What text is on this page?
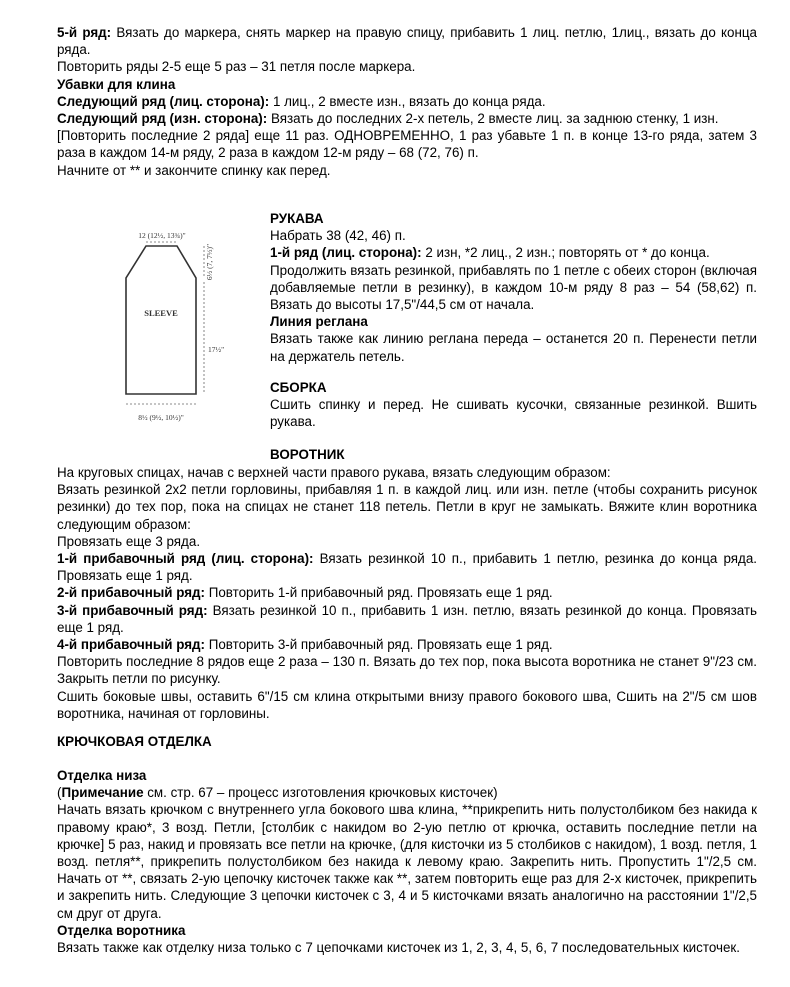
5-й ряд: Вязать до маркера, снять маркер на правую спицу, прибавить 1 лиц. петлю, 1лиц., вязать до конца ряда.

Повторить ряды 2-5 еще 5 раз – 31 петля после маркера.

Убавки для клина

Следующий ряд (лиц. сторона): 1 лиц., 2 вместе изн., вязать до конца ряда.

Следующий ряд (изн. сторона): Вязать до последних 2-х петель, 2 вместе лиц. за заднюю стенку, 1 изн.

[Повторить последние 2 ряда] еще 11 раз. ОДНОВРЕМЕННО, 1 раз убавьте 1 п. в конце 13-го ряда, затем 3 раза в каждом 14-м ряду, 2 раза в каждом 12-м ряду – 68 (72, 76) п.

Начните от ** и закончите спинку как перед.

12 (12½, 13¾)"
6½ (7, 7½)"
SLEEVE
17½"
8½ (9½, 10½)"

РУКАВА

Набрать 38 (42, 46) п.

1-й ряд (лиц. сторона): 2 изн, *2 лиц., 2 изн.; повторять от * до конца.

Продолжить вязать резинкой, прибавлять по 1 петле с обеих сторон (включая добавляемые петли в резинку), в каждом 10-м ряду 8 раз – 54 (58,62) п. Вязать до высоты 17,5"/44,5 см от начала.

Линия реглана

Вязать также как линию реглана переда – останется 20 п. Перенести петли на держатель петель.

СБОРКА

Сшить спинку и перед. Не сшивать кусочки, связанные резинкой. Вшить рукава.

ВОРОТНИК

На круговых спицах, начав с верхней части правого рукава, вязать следующим образом:

Вязать резинкой 2х2 петли горловины, прибавляя 1 п. в каждой лиц. или изн. петле (чтобы сохранить рисунок резинки) до тех пор, пока на спицах не станет 118 петель. Петли в круг не замыкать. Вяжите клин воротника следующим образом:

Провязать еще 3 ряда.

1-й прибавочный ряд (лиц. сторона): Вязать резинкой 10 п., прибавить 1 петлю, резинка до конца ряда. Провязать еще 1 ряд.

2-й прибавочный ряд: Повторить 1-й прибавочный ряд. Провязать еще 1 ряд.

3-й прибавочный ряд: Вязать резинкой 10 п., прибавить 1 изн. петлю, вязать резинкой до конца. Провязать еще 1 ряд.

4-й прибавочный ряд: Повторить 3-й прибавочный ряд. Провязать еще 1 ряд.

Повторить последние 8 рядов еще 2 раза – 130 п. Вязать до тех пор, пока высота воротника не станет 9"/23 см. Закрыть петли по рисунку.

Сшить боковые швы, оставить 6"/15 см клина открытыми внизу правого бокового шва, Сшить на 2"/5 см шов воротника, начиная от горловины.

КРЮЧКОВАЯ ОТДЕЛКА

Отделка низа

(Примечание см. стр. 67 – процесс изготовления крючковых кисточек)

Начать вязать крючком с внутреннего угла бокового шва клина, **прикрепить нить полустолбиком без накида к правому краю*, 3 возд. Петли, [столбик с накидом во 2-ую петлю от крючка, оставить последние петли на крючке] 5 раз, накид и провязать все петли на крючке, (для кисточки из 5 столбиков с накидом), 1 возд. петля, 1 возд. петля**, прикрепить полустолбиком без накида к левому краю. Закрепить нить. Пропустить 1"/2,5 см. Начать от **, связать 2-ую цепочку кисточек также как **, затем повторить еще раз для 2-х кисточек, прикрепить и закрепить нить. Следующие 3 цепочки кисточек с 3, 4 и 5 кисточками вязать аналогично на расстоянии 1"/2,5 см друг от друга.

Отделка воротника

Вязать также как отделку низа только с 7 цепочками кисточек из 1, 2, 3, 4, 5, 6, 7 последовательных кисточек.
